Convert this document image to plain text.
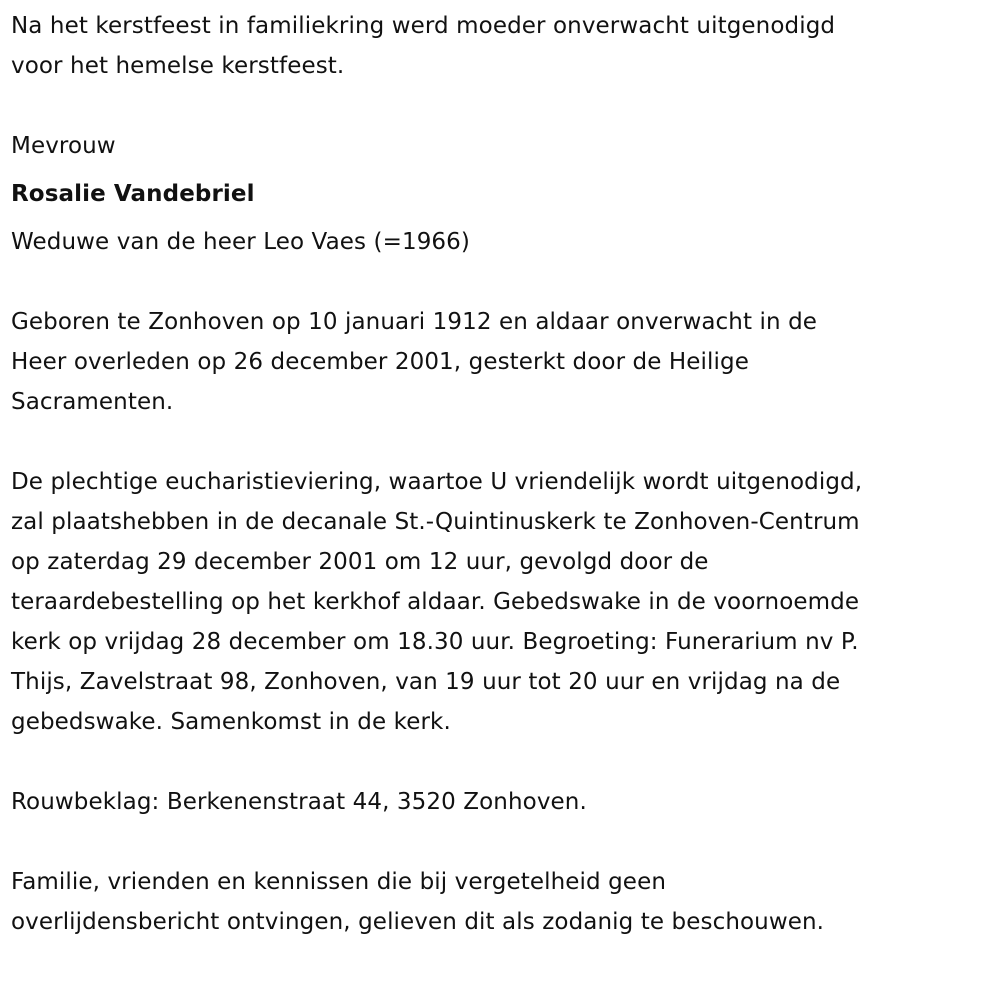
Na het kerstfeest in familiekring werd moeder onverwacht uitgenodigd
voor het hemelse kerstfeest.

Mevrouw

Rosalie Vandebriel

Weduwe van de heer Leo Vaes (=1966)

Geboren te Zonhoven op 10 januari 1912 en aldaar onverwacht in de
Heer overleden op 26 december 2001, gesterkt door de Heilige
Sacramenten.

De plechtige eucharistieviering, waartoe U vriendelijk wordt uitgenodigd,
zal plaatshebben in de decanale St.-Quintinuskerk te Zonhoven-Centrum
op zaterdag 29 december 2001 om 12 uur, gevolgd door de
teraardebestelling op het kerkhof aldaar. Gebedswake in de voornoemde
kerk op vrijdag 28 december om 18.30 uur. Begroeting: Funerarium nv P.
Thijs, Zavelstraat 98, Zonhoven, van 19 uur tot 20 uur en vrijdag na de
gebedswake. Samenkomst in de kerk.

Rouwbeklag: Berkenenstraat 44, 3520 Zonhoven.

Familie, vrienden en kennissen die bij vergetelheid geen
overlijdensbericht ontvingen, gelieven dit als zodanig te beschouwen.
